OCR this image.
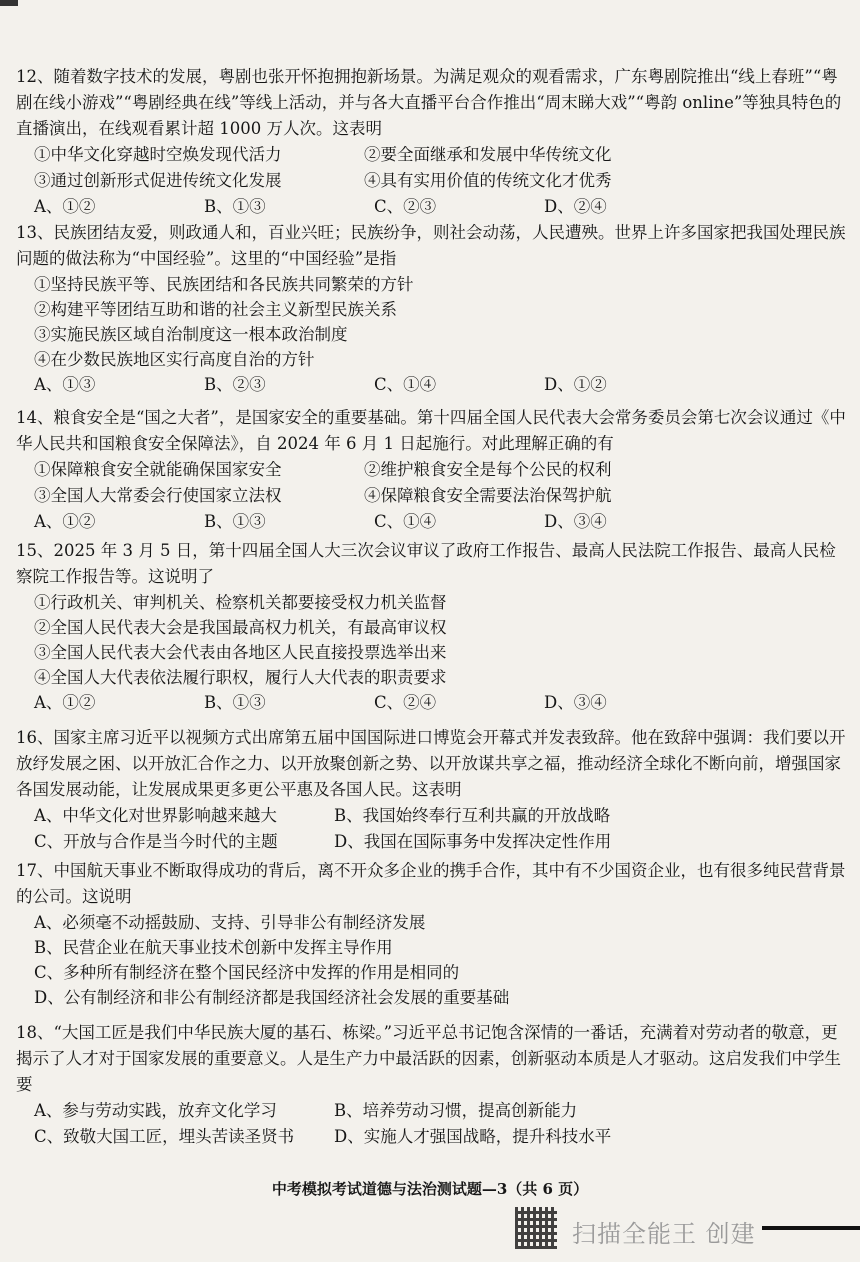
12、随着数字技术的发展，粤剧也张开怀抱拥抱新场景。为满足观众的观看需求，广东粤剧院推出“线上春班”“粤剧在线小游戏”“粤剧经典在线”等线上活动，并与各大直播平台合作推出“周末睇大戏”“粤韵 online”等独具特色的直播演出，在线观看累计超 1000 万人次。这表明

①中华文化穿越时空焕发现代活力	②要全面继承和发展中华传统文化
③通过创新形式促进传统文化发展	④具有实用价值的传统文化才优秀
A、①②	B、①③	C、②③	D、②④

13、民族团结友爱，则政通人和，百业兴旺；民族纷争，则社会动荡，人民遭殃。世界上许多国家把我国处理民族问题的做法称为“中国经验”。这里的“中国经验”是指

①坚持民族平等、民族团结和各民族共同繁荣的方针

②构建平等团结互助和谐的社会主义新型民族关系

③实施民族区域自治制度这一根本政治制度

④在少数民族地区实行高度自治的方针

A、①③	B、②③	C、①④	D、①②

14、粮食安全是“国之大者”，是国家安全的重要基础。第十四届全国人民代表大会常务委员会第七次会议通过《中华人民共和国粮食安全保障法》，自 2024 年 6 月 1 日起施行。对此理解正确的有

①保障粮食安全就能确保国家安全	②维护粮食安全是每个公民的权利
③全国人大常委会行使国家立法权	④保障粮食安全需要法治保驾护航
A、①②	B、①③	C、①④	D、③④

15、2025 年 3 月 5 日，第十四届全国人大三次会议审议了政府工作报告、最高人民法院工作报告、最高人民检察院工作报告等。这说明了

①行政机关、审判机关、检察机关都要接受权力机关监督

②全国人民代表大会是我国最高权力机关，有最高审议权

③全国人民代表大会代表由各地区人民直接投票选举出来

④全国人大代表依法履行职权，履行人大代表的职责要求

A、①②	B、①③	C、②④	D、③④

16、国家主席习近平以视频方式出席第五届中国国际进口博览会开幕式并发表致辞。他在致辞中强调：我们要以开放纾发展之困、以开放汇合作之力、以开放聚创新之势、以开放谋共享之福，推动经济全球化不断向前，增强国家各国发展动能，让发展成果更多更公平惠及各国人民。这表明

A、中华文化对世界影响越来越大	B、我国始终奉行互利共赢的开放战略
C、开放与合作是当今时代的主题	D、我国在国际事务中发挥决定性作用

17、中国航天事业不断取得成功的背后，离不开众多企业的携手合作，其中有不少国资企业，也有很多纯民营背景的公司。这说明

A、必须毫不动摇鼓励、支持、引导非公有制经济发展

B、民营企业在航天事业技术创新中发挥主导作用

C、多种所有制经济在整个国民经济中发挥的作用是相同的

D、公有制经济和非公有制经济都是我国经济社会发展的重要基础

18、“大国工匠是我们中华民族大厦的基石、栋梁。”习近平总书记饱含深情的一番话，充满着对劳动者的敬意，更揭示了人才对于国家发展的重要意义。人是生产力中最活跃的因素，创新驱动本质是人才驱动。这启发我们中学生要

A、参与劳动实践，放弃文化学习	B、培养劳动习惯，提高创新能力
C、致敬大国工匠，埋头苦读圣贤书	D、实施人才强国战略，提升科技水平
中考模拟考试道德与法治测试题—3（共 6 页）
扫描全能王 创建
